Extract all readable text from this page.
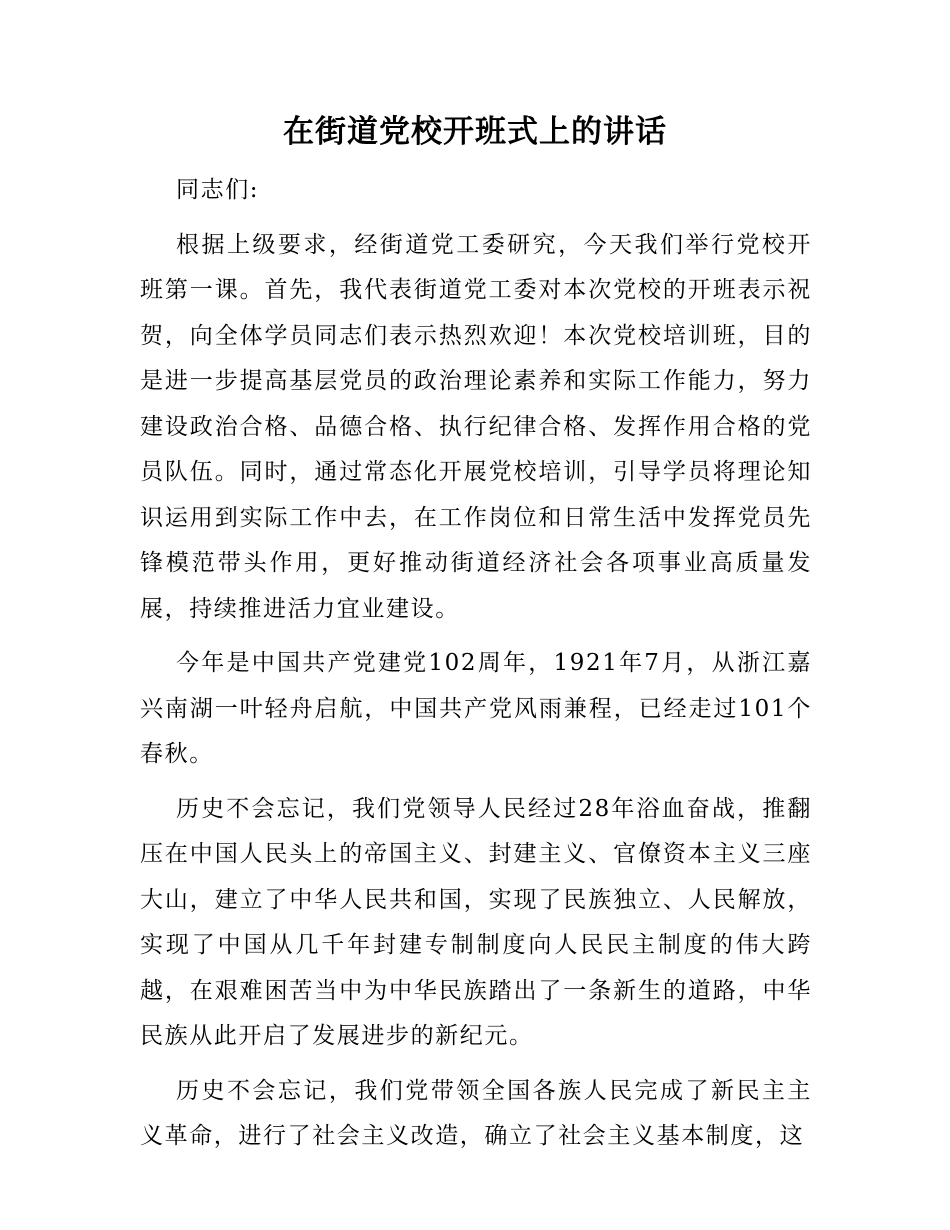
在街道党校开班式上的讲话

同志们:

根据上级要求，经街道党工委研究，今天我们举行党校开班第一课。首先，我代表街道党工委对本次党校的开班表示祝贺，向全体学员同志们表示热烈欢迎！本次党校培训班，目的是进一步提高基层党员的政治理论素养和实际工作能力，努力建设政治合格、品德合格、执行纪律合格、发挥作用合格的党员队伍。同时，通过常态化开展党校培训，引导学员将理论知识运用到实际工作中去，在工作岗位和日常生活中发挥党员先锋模范带头作用，更好推动街道经济社会各项事业高质量发展，持续推进活力宜业建设。

今年是中国共产党建党102周年，1921年7月，从浙江嘉兴南湖一叶轻舟启航，中国共产党风雨兼程，已经走过101个春秋。

历史不会忘记，我们党领导人民经过28年浴血奋战，推翻压在中国人民头上的帝国主义、封建主义、官僚资本主义三座大山，建立了中华人民共和国，实现了民族独立、人民解放，实现了中国从几千年封建专制制度向人民民主制度的伟大跨越，在艰难困苦当中为中华民族踏出了一条新生的道路，中华民族从此开启了发展进步的新纪元。

历史不会忘记，我们党带领全国各族人民完成了新民主主义革命，进行了社会主义改造，确立了社会主义基本制度，这
